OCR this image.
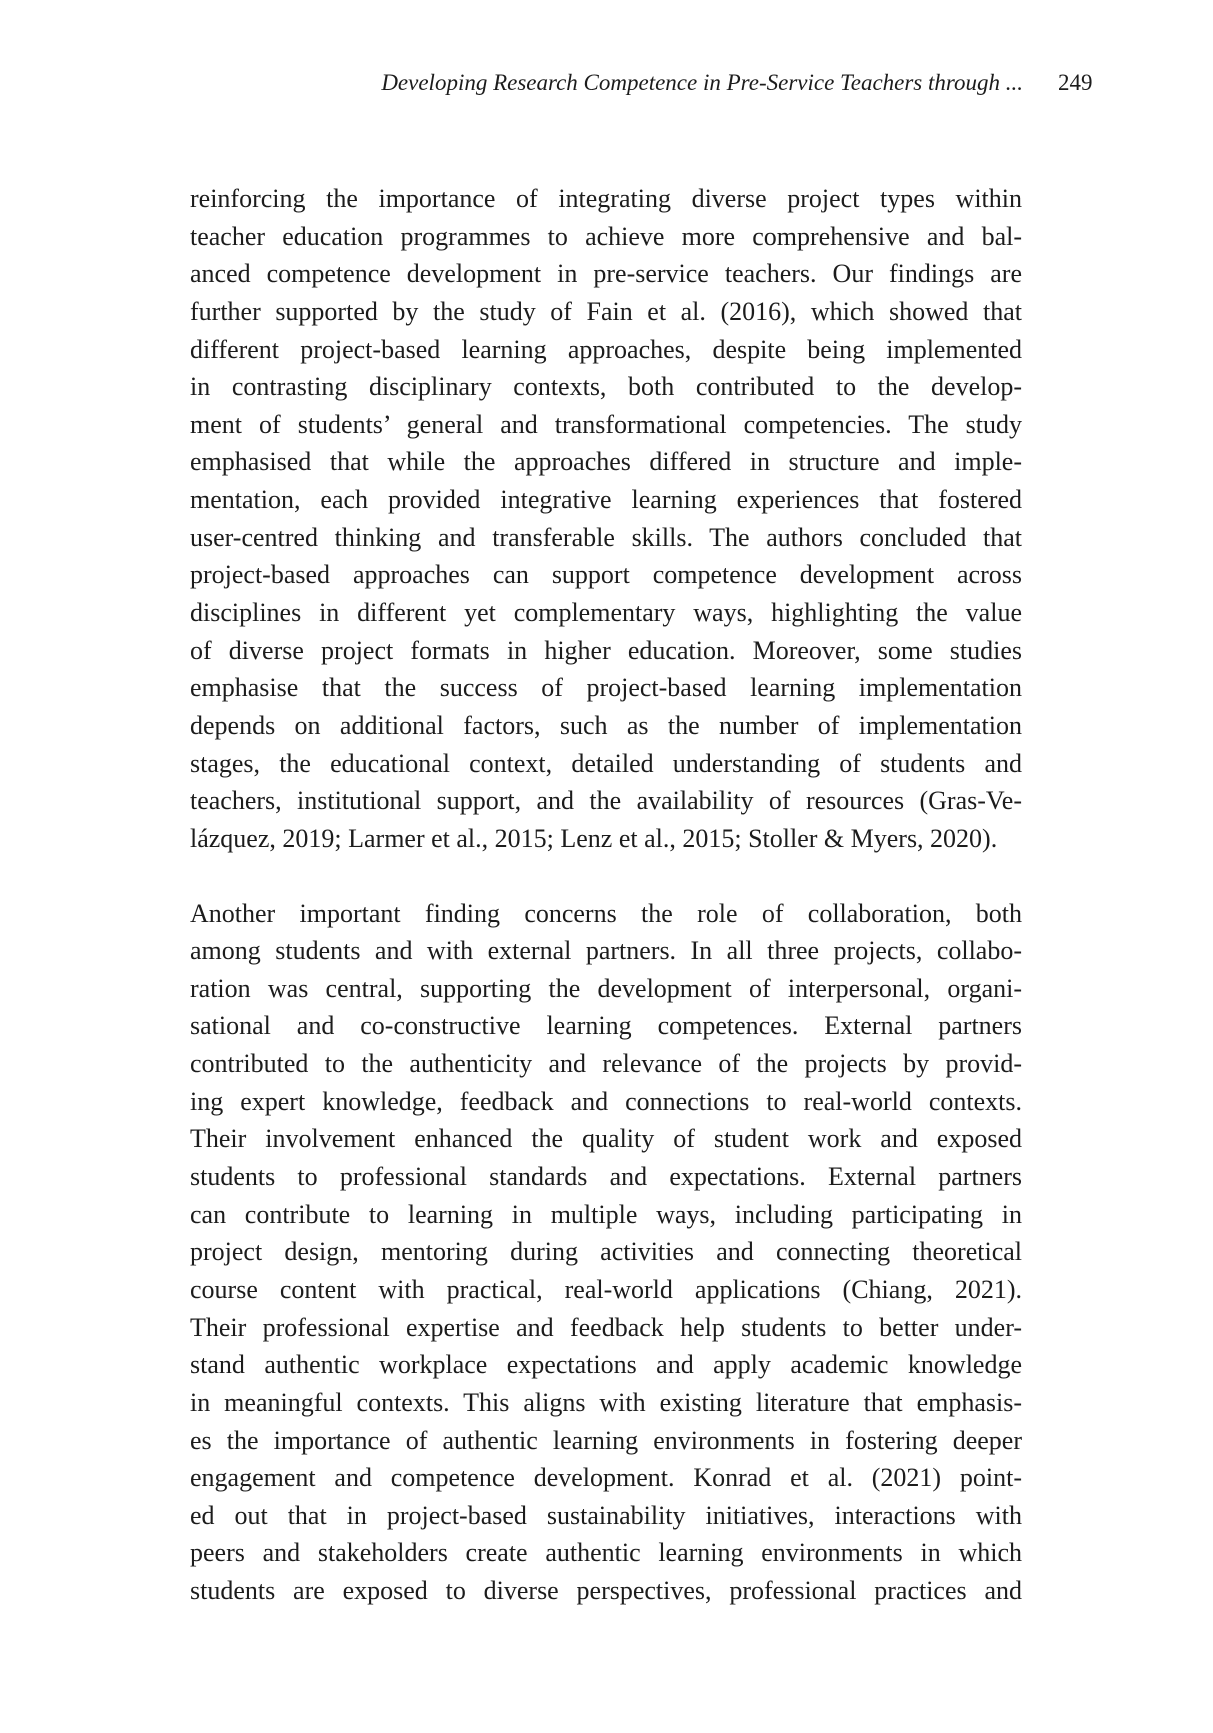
Developing Research Competence in Pre-Service Teachers through ... 249

reinforcing the importance of integrating diverse project types within
teacher education programmes to achieve more comprehensive and bal-
anced competence development in pre-service teachers. Our findings are
further supported by the study of Fain et al. (2016), which showed that
different project-based learning approaches, despite being implemented
in contrasting disciplinary contexts, both contributed to the develop-
ment of students’ general and transformational competencies. The study
emphasised that while the approaches differed in structure and imple-
mentation, each provided integrative learning experiences that fostered
user-centred thinking and transferable skills. The authors concluded that
project-based approaches can support competence development across
disciplines in different yet complementary ways, highlighting the value
of diverse project formats in higher education. Moreover, some studies
emphasise that the success of project-based learning implementation
depends on additional factors, such as the number of implementation
stages, the educational context, detailed understanding of students and
teachers, institutional support, and the availability of resources (Gras-Ve-
lázquez, 2019; Larmer et al., 2015; Lenz et al., 2015; Stoller & Myers, 2020).

Another important finding concerns the role of collaboration, both
among students and with external partners. In all three projects, collabo-
ration was central, supporting the development of interpersonal, organi-
sational and co-constructive learning competences. External partners
contributed to the authenticity and relevance of the projects by provid-
ing expert knowledge, feedback and connections to real-world contexts.
Their involvement enhanced the quality of student work and exposed
students to professional standards and expectations. External partners
can contribute to learning in multiple ways, including participating in
project design, mentoring during activities and connecting theoretical
course content with practical, real-world applications (Chiang, 2021).
Their professional expertise and feedback help students to better under-
stand authentic workplace expectations and apply academic knowledge
in meaningful contexts. This aligns with existing literature that emphasis-
es the importance of authentic learning environments in fostering deeper
engagement and competence development. Konrad et al. (2021) point-
ed out that in project-based sustainability initiatives, interactions with
peers and stakeholders create authentic learning environments in which
students are exposed to diverse perspectives, professional practices and
